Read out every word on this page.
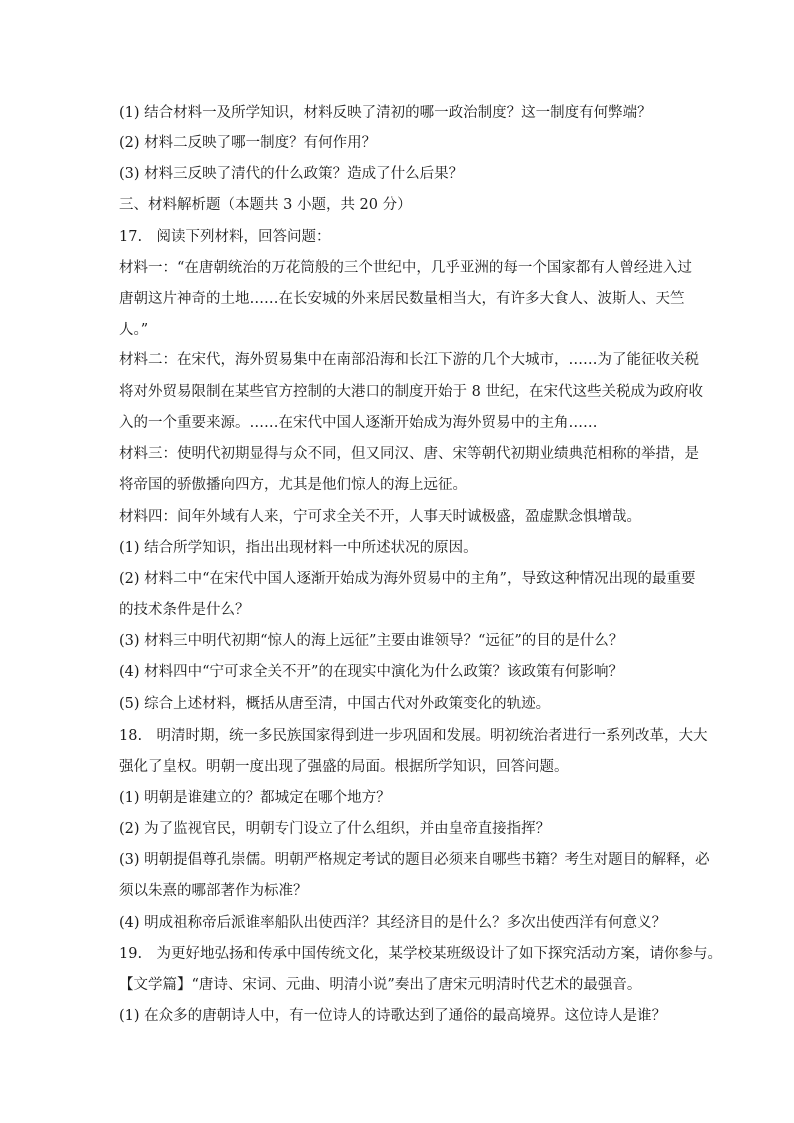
(1) 结合材料一及所学知识，材料反映了清初的哪一政治制度？这一制度有何弊端？
(2) 材料二反映了哪一制度？有何作用？
(3) 材料三反映了清代的什么政策？造成了什么后果？
三、材料解析题（本题共 3 小题，共 20 分）
17.　阅读下列材料，回答问题：
材料一：“在唐朝统治的万花筒般的三个世纪中，几乎亚洲的每一个国家都有人曾经进入过
唐朝这片神奇的土地……在长安城的外来居民数量相当大，有许多大食人、波斯人、天竺
人。”
材料二：在宋代，海外贸易集中在南部沿海和长江下游的几个大城市，……为了能征收关税
将对外贸易限制在某些官方控制的大港口的制度开始于 8 世纪，在宋代这些关税成为政府收
入的一个重要来源。……在宋代中国人逐渐开始成为海外贸易中的主角……
材料三：使明代初期显得与众不同，但又同汉、唐、宋等朝代初期业绩典范相称的举措，是
将帝国的骄傲播向四方，尤其是他们惊人的海上远征。
材料四：间年外域有人来，宁可求全关不开，人事天时诚极盛，盈虚默念惧增哉。
(1) 结合所学知识，指出出现材料一中所述状况的原因。
(2) 材料二中“在宋代中国人逐渐开始成为海外贸易中的主角”，导致这种情况出现的最重要
的技术条件是什么？
(3) 材料三中明代初期“惊人的海上远征”主要由谁领导？“远征”的目的是什么？
(4) 材料四中“宁可求全关不开”的在现实中演化为什么政策？该政策有何影响？
(5) 综合上述材料，概括从唐至清，中国古代对外政策变化的轨迹。
18.　明清时期，统一多民族国家得到进一步巩固和发展。明初统治者进行一系列改革，大大
强化了皇权。明朝一度出现了强盛的局面。根据所学知识，回答问题。
(1) 明朝是谁建立的？都城定在哪个地方？
(2) 为了监视官民，明朝专门设立了什么组织，并由皇帝直接指挥？
(3) 明朝提倡尊孔崇儒。明朝严格规定考试的题目必须来自哪些书籍？考生对题目的解释，必
须以朱熹的哪部著作为标准？
(4) 明成祖称帝后派谁率船队出使西洋？其经济目的是什么？多次出使西洋有何意义？
19.　为更好地弘扬和传承中国传统文化，某学校某班级设计了如下探究活动方案，请你参与。
【文学篇】“唐诗、宋词、元曲、明清小说”奏出了唐宋元明清时代艺术的最强音。
(1) 在众多的唐朝诗人中，有一位诗人的诗歌达到了通俗的最高境界。这位诗人是谁？
